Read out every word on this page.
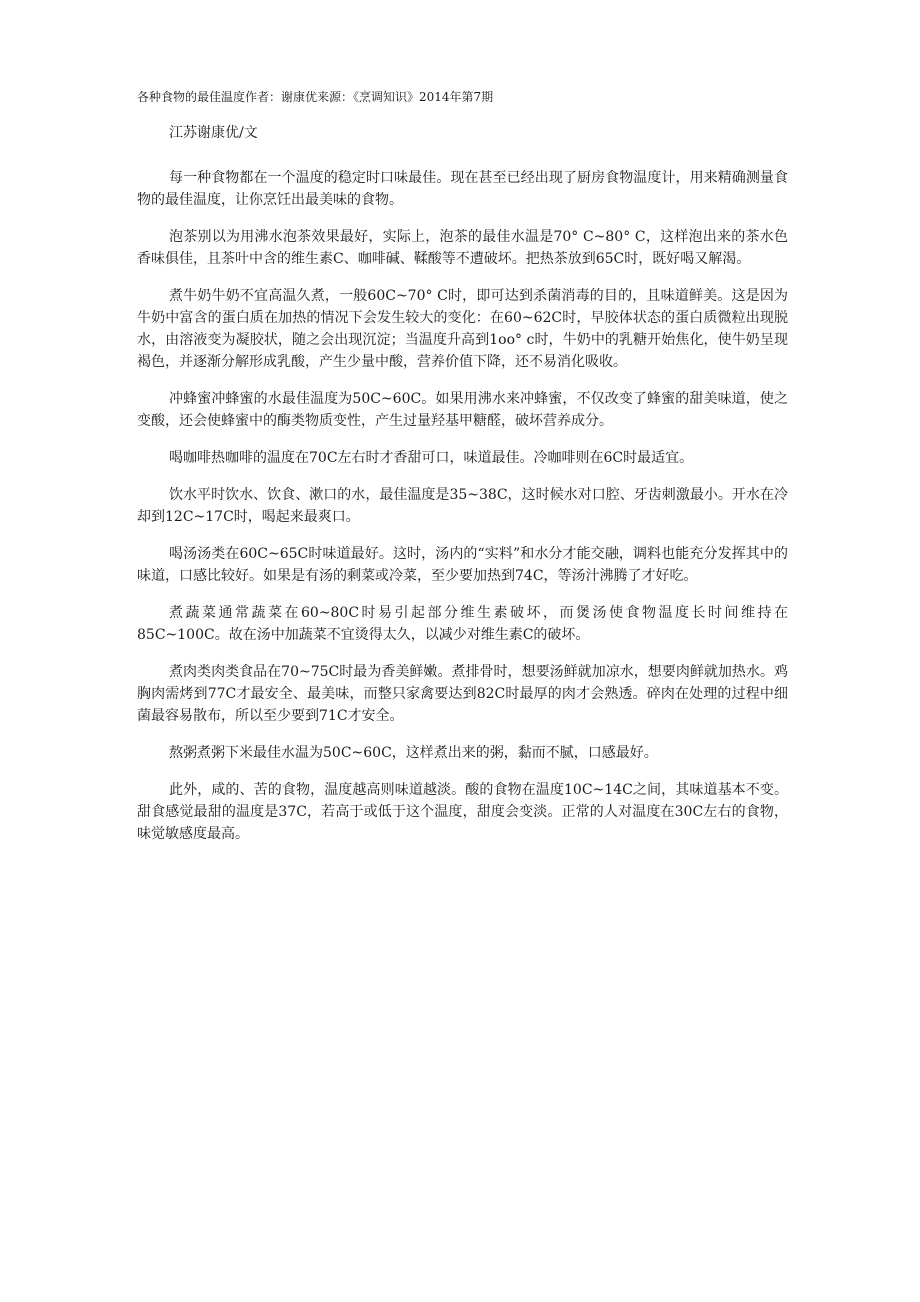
各种食物的最佳温度作者：谢康优来源：《烹调知识》2014年第7期

江苏谢康优/文

每一种食物都在一个温度的稳定时口味最佳。现在甚至已经出现了厨房食物温度计，用来精确测量食物的最佳温度，让你烹饪出最美味的食物。

泡茶别以为用沸水泡茶效果最好，实际上，泡茶的最佳水温是70° C~80° C，这样泡出来的茶水色香味俱佳，且茶叶中含的维生素C、咖啡碱、鞣酸等不遭破坏。把热茶放到65C时，既好喝又解渴。

煮牛奶牛奶不宜高温久煮，一般60C~70° C时，即可达到杀菌消毒的目的，且味道鲜美。这是因为牛奶中富含的蛋白质在加热的情况下会发生较大的变化：在60~62C时，早胶体状态的蛋白质微粒出现脱水，由溶液变为凝胶状，随之会出现沉淀；当温度升高到1oo° c时，牛奶中的乳糖开始焦化，使牛奶呈现褐色，并逐渐分解形成乳酸，产生少量中酸，营养价值下降，还不易消化吸收。

冲蜂蜜冲蜂蜜的水最佳温度为50C~60C。如果用沸水来冲蜂蜜，不仅改变了蜂蜜的甜美味道，使之变酸，还会使蜂蜜中的酶类物质变性，产生过量羟基甲糖醛，破坏营养成分。

喝咖啡热咖啡的温度在70C左右时才香甜可口，味道最佳。冷咖啡则在6C时最适宜。

饮水平时饮水、饮食、漱口的水，最佳温度是35~38C，这时候水对口腔、牙齿刺激最小。开水在冷却到12C~17C时，喝起来最爽口。

喝汤汤类在60C~65C时味道最好。这时，汤内的“实料”和水分才能交融，调料也能充分发挥其中的味道，口感比较好。如果是有汤的剩菜或冷菜，至少要加热到74C，等汤汁沸腾了才好吃。

煮蔬菜通常蔬菜在60~80C时易引起部分维生素破坏，而煲汤使食物温度长时间维持在85C~100C。故在汤中加蔬菜不宜烫得太久，以减少对维生素C的破坏。

煮肉类肉类食品在70~75C时最为香美鲜嫩。煮排骨时，想要汤鲜就加凉水，想要肉鲜就加热水。鸡胸肉需烤到77C才最安全、最美味，而整只家禽要达到82C时最厚的肉才会熟透。碎肉在处理的过程中细菌最容易散布，所以至少要到71C才安全。

熬粥煮粥下米最佳水温为50C~60C，这样煮出来的粥，黏而不腻，口感最好。

此外，咸的、苦的食物，温度越高则味道越淡。酸的食物在温度10C~14C之间，其味道基本不变。甜食感觉最甜的温度是37C，若高于或低于这个温度，甜度会变淡。正常的人对温度在30C左右的食物，味觉敏感度最高。
